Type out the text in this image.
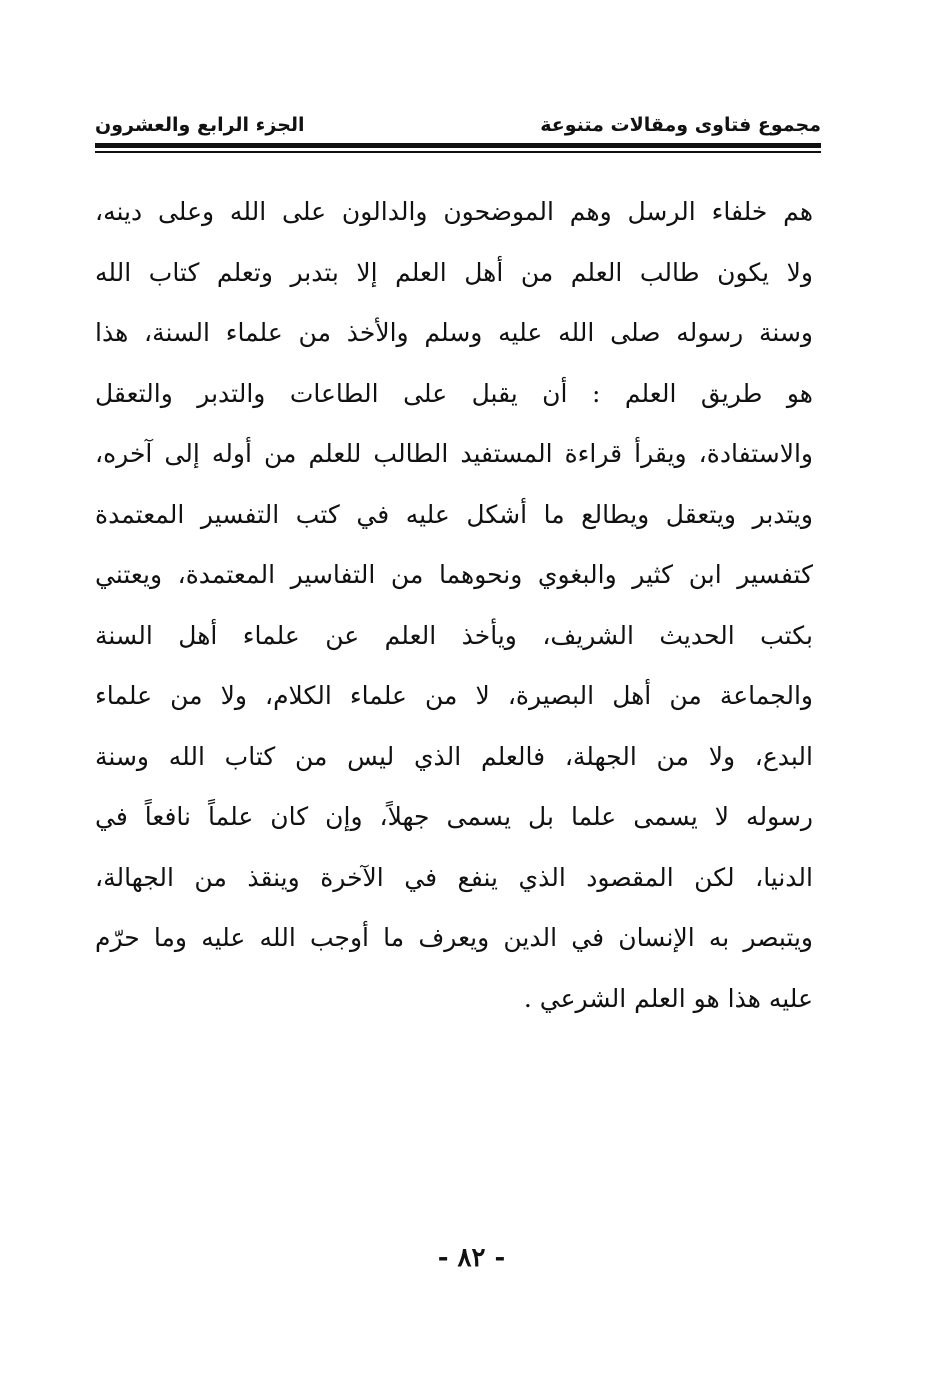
مجموع فتاوى ومقالات متنوعة
الجزء الرابع والعشرون
هم خلفاء الرسل وهم الموضحون والدالون على الله وعلى دينه،
ولا يكون طالب العلم من أهل العلم إلا بتدبر وتعلم كتاب الله
وسنة رسوله صلى الله عليه وسلم والأخذ من علماء السنة، هذا
هو طريق العلم : أن يقبل على الطاعات والتدبر والتعقل
والاستفادة، ويقرأ قراءة المستفيد الطالب للعلم من أوله إلى آخره،
ويتدبر ويتعقل ويطالع ما أشكل عليه في كتب التفسير المعتمدة
كتفسير ابن كثير والبغوي ونحوهما من التفاسير المعتمدة، ويعتني
بكتب الحديث الشريف، ويأخذ العلم عن علماء أهل السنة
والجماعة من أهل البصيرة، لا من علماء الكلام، ولا من علماء
البدع، ولا من الجهلة، فالعلم الذي ليس من كتاب الله وسنة
رسوله لا يسمى علما بل يسمى جهلاً، وإن كان علماً نافعاً في
الدنيا، لكن المقصود الذي ينفع في الآخرة وينقذ من الجهالة،
ويتبصر به الإنسان في الدين ويعرف ما أوجب الله عليه وما حرّم
عليه هذا هو العلم الشرعي .
- ٨٢ -
